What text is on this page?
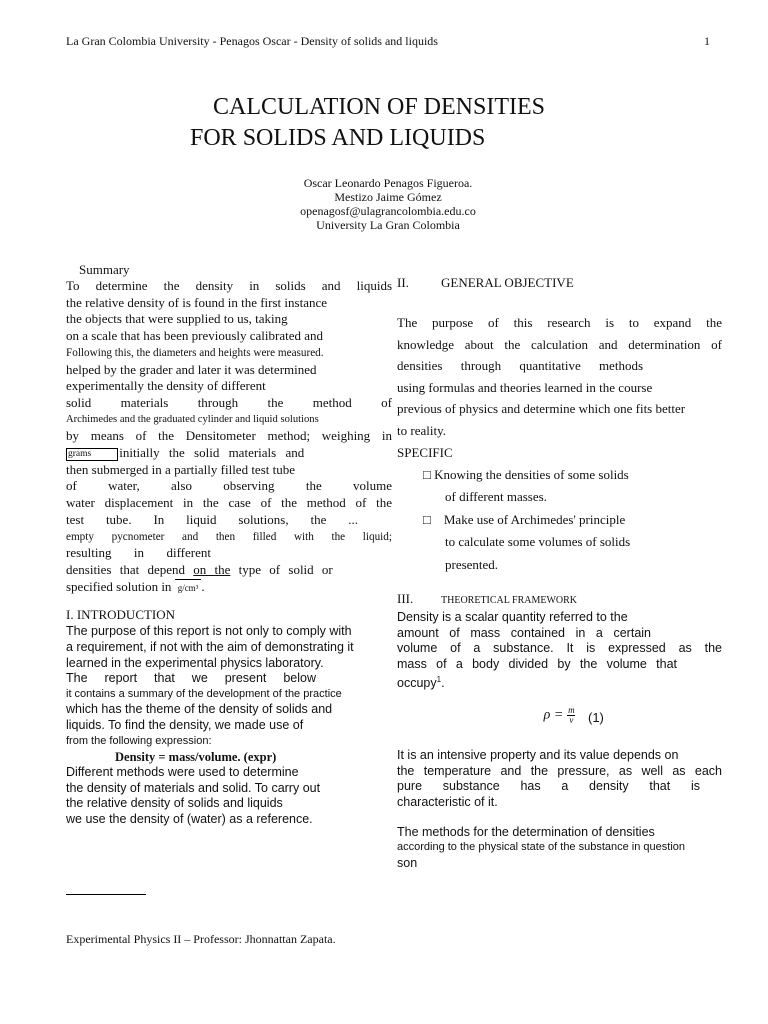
La Gran Colombia University - Penagos Oscar - Density of solids and liquids	1
CALCULATION OF DENSITIES
FOR SOLIDS AND LIQUIDS
Oscar Leonardo Penagos Figueroa.
Mestizo Jaime Gómez
openagosf@ulagrancolombia.edu.co
University La Gran Colombia
Summary
To determine the density in solids and liquids
the relative density of is found in the first instance
the objects that were supplied to us, taking
on a scale that has been previously calibrated and
Following this, the diameters and heights were measured.
helped by the grader and later it was determined
experimentally the density of different
solid materials through the method of
Archimedes and the graduated cylinder and liquid solutions
by means of the Densitometer method; weighing in
grams initially the solid materials and
then submerged in a partially filled test tube
of water, also observing the volume
water displacement in the case of the method of the
test tube. In liquid solutions, the ...
empty pycnometer and then filled with the liquid;
resulting in different
densities that depend on the type of solid or
specified solution in g/cm³ .
I. INTRODUCTION
The purpose of this report is not only to comply with
a requirement, if not with the aim of demonstrating it
learned in the experimental physics laboratory.
The report that we present below
it contains a summary of the development of the practice
which has the theme of the density of solids and
liquids. To find the density, we made use of
from the following expression:
Density = mass/volume. (expr)
Different methods were used to determine
the density of materials and solid. To carry out
the relative density of solids and liquids
we use the density of (water) as a reference.
II. GENERAL OBJECTIVE
The purpose of this research is to expand the
knowledge about the calculation and determination of
densities through quantitative methods
using formulas and theories learned in the course
previous of physics and determine which one fits better
to reality.
SPECIFIC
□ Knowing the densities of some solids
of different masses.
□ Make use of Archimedes' principle
to calculate some volumes of solids
presented.
III.	THEORETICAL FRAMEWORK
Density is a scalar quantity referred to the
amount of mass contained in a certain
volume of a substance. It is expressed as the
mass of a body divided by the volume that
occupy$^1$.
$\rho = \frac{m}{v} (1)$
It is an intensive property and its value depends on
the temperature and the pressure, as well as each
pure substance has a density that is
characteristic of it.
The methods for the determination of densities
according to the physical state of the substance in question
son
Experimental Physics II – Professor: Jhonnattan Zapata.
